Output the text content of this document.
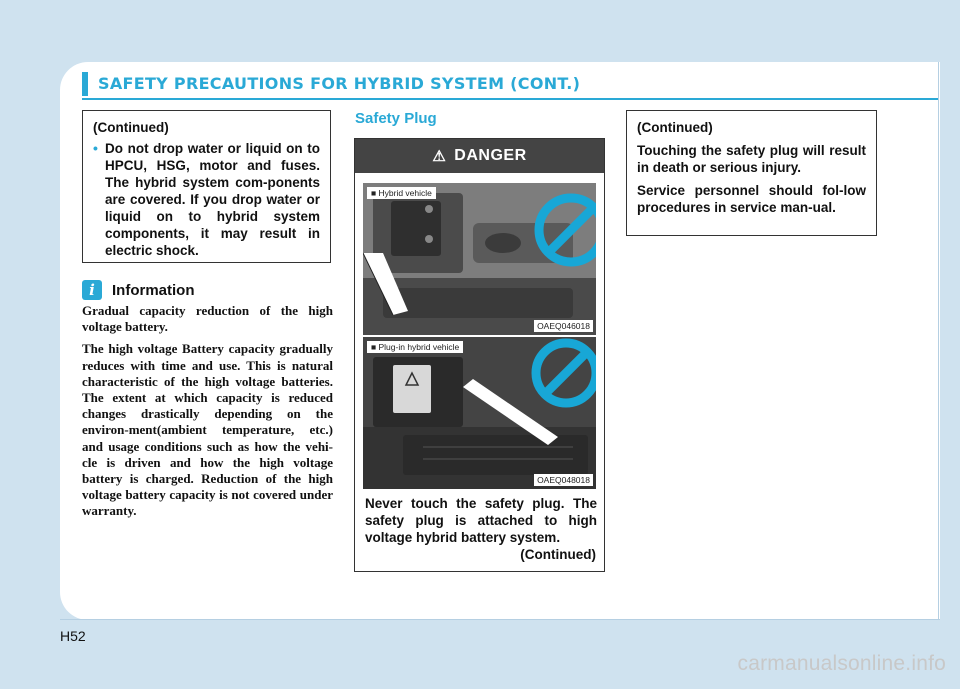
SAFETY PRECAUTIONS FOR HYBRID SYSTEM (CONT.)
(Continued)
• Do not drop water or liquid on to HPCU, HSG, motor and fuses. The hybrid system com-ponents are covered. If you drop water or liquid on to hybrid system components, it may result in electric shock.
i	Information

Gradual capacity reduction of the high voltage battery.

The high voltage Battery capacity gradually reduces with time and use. This is natural characteristic of the high voltage batteries. The extent at which capacity is reduced changes drastically depending on the environ-ment(ambient temperature, etc.) and usage conditions such as how the vehi-cle is driven and how the high voltage battery is charged. Reduction of the high voltage battery capacity is not covered under warranty.

Safety Plug
⚠ DANGER
■ Hybrid vehicle
OAEQ046018
■ Plug-in hybrid vehicle
OAEQ048018
Never touch the safety plug. The safety plug is attached to high voltage hybrid battery system.
(Continued)

(Continued)

Touching the safety plug will result in death or serious injury.

Service personnel should fol-low procedures in service man-ual.

H52
carmanualsonline.info
